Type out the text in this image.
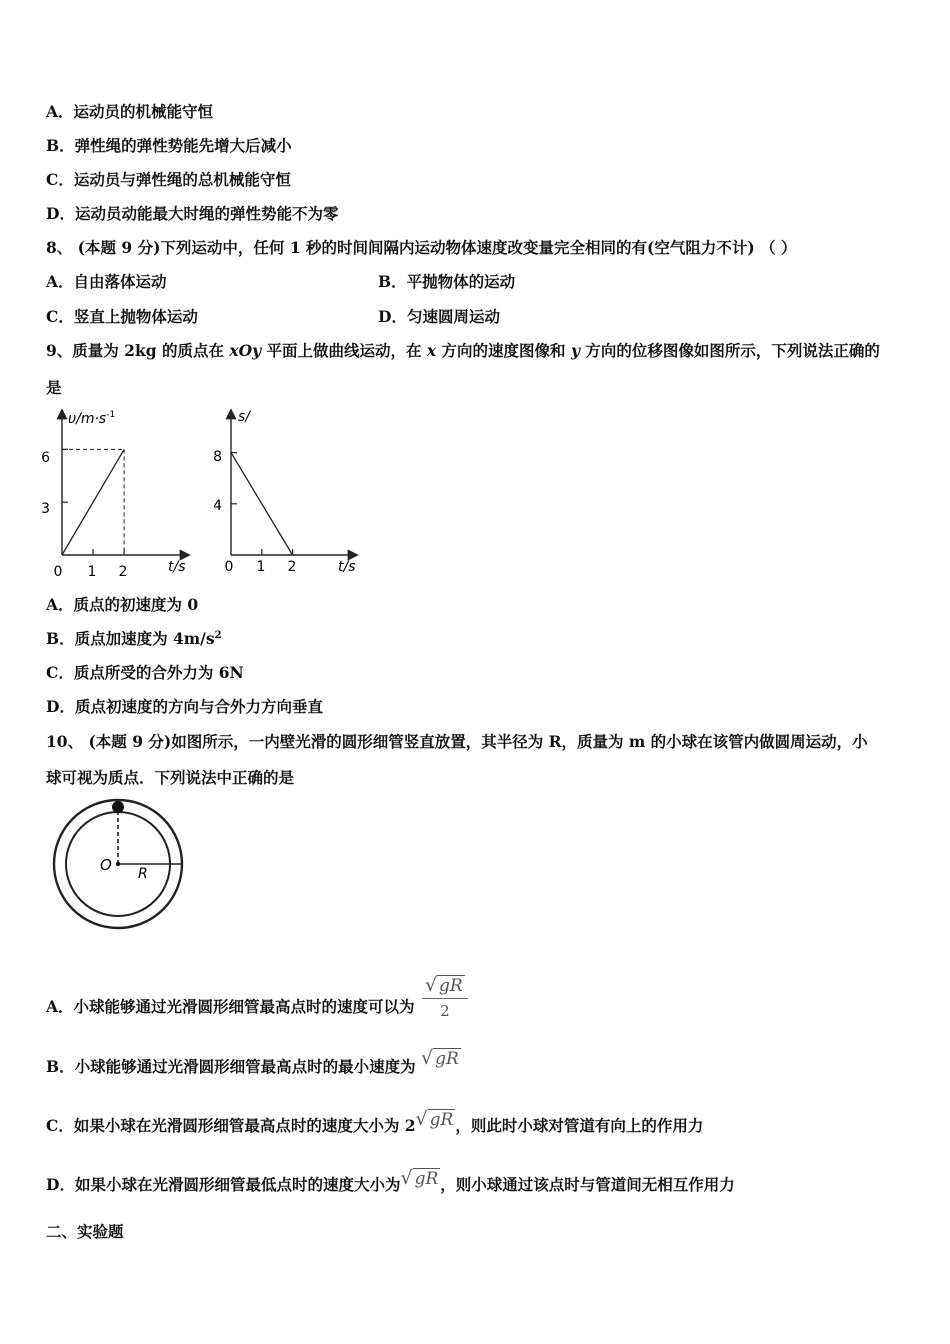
A．运动员的机械能守恒
B．弹性绳的弹性势能先增大后减小
C．运动员与弹性绳的总机械能守恒
D．运动员动能最大时绳的弹性势能不为零
8、 (本题 9 分)下列运动中，任何 1 秒的时间间隔内运动物体速度改变量完全相同的有(空气阻力不计) （ ）
A．自由落体运动	B．平抛物体的运动
C．竖直上抛物体运动	D．匀速圆周运动
9、质量为 2kg 的质点在 xOy 平面上做曲线运动，在 x 方向的速度图像和 y 方向的位移图像如图所示，下列说法正确的
是
$\upsilon/m\cdot s^{-1}$
6
3
0 1 2	t/s
s/
8
4
0 1 2	t/s
A．质点的初速度为 0
B．质点加速度为 $4m/s^2$
C．质点所受的合外力为 6N
D．质点初速度的方向与合外力方向垂直
10、 (本题 9 分)如图所示，一内壁光滑的圆形细管竖直放置，其半径为 R，质量为 m 的小球在该管内做圆周运动，小
球可视为质点．下列说法中正确的是
O R
A．小球能够通过光滑圆形细管最高点时的速度可以为 $\frac{√ gR}{2}$
B．小球能够通过光滑圆形细管最高点时的最小速度为 √ gR
C．如果小球在光滑圆形细管最高点时的速度大小为 2√ gR ，则此时小球对管道有向上的作用力
D．如果小球在光滑圆形细管最低点时的速度大小为√ gR ，则小球通过该点时与管道间无相互作用力
二、实验题
